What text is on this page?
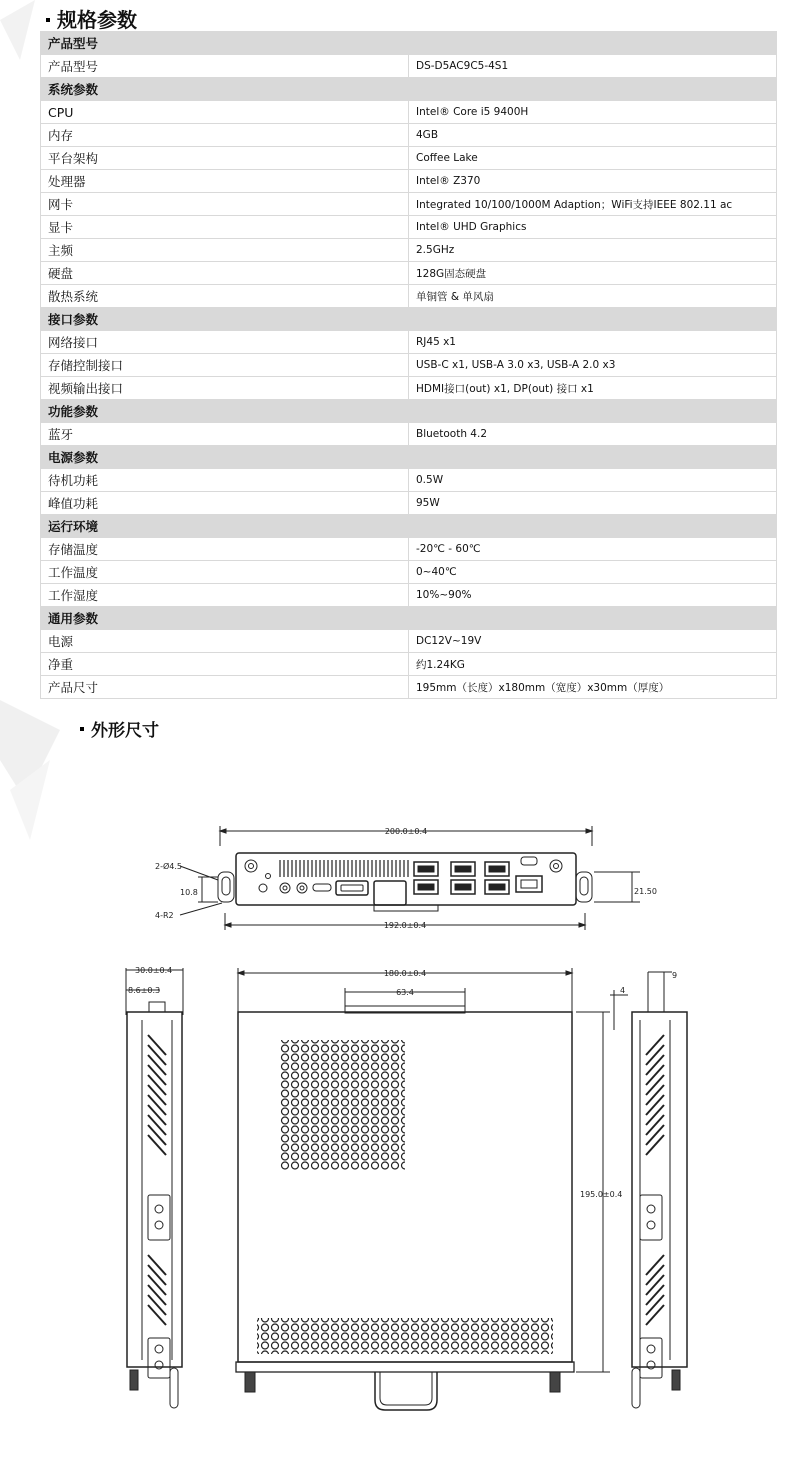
规格参数
产品型号	
产品型号	DS-D5AC9C5-4S1
系统参数	
CPU	Intel® Core i5 9400H
内存	4GB
平台架构	Coffee Lake
处理器	Intel® Z370
网卡	Integrated 10/100/1000M Adaption；WiFi支持IEEE 802.11 ac
显卡	Intel® UHD Graphics
主频	2.5GHz
硬盘	128G固态硬盘
散热系统	单铜管 & 单风扇
接口参数	
网络接口	RJ45 x1
存储控制接口	USB-C x1, USB-A 3.0 x3, USB-A 2.0 x3
视频输出接口	HDMI接口(out) x1, DP(out) 接口 x1
功能参数	
蓝牙	Bluetooth 4.2
电源参数	
待机功耗	0.5W
峰值功耗	95W
运行环境	
存储温度	-20℃ - 60℃
工作温度	0~40℃
工作湿度	10%~90%
通用参数	
电源	DC12V~19V
净重	约1.24KG
产品尺寸	195mm（长度）x180mm（宽度）x30mm（厚度）
外形尺寸
200.0±0.4
192.0±0.4
21.50
2-Ø4.5
10.8
4-R2
30.0±0.4
8.6±0.3
180.0±0.4
63.4
195.0±0.4
4
9
